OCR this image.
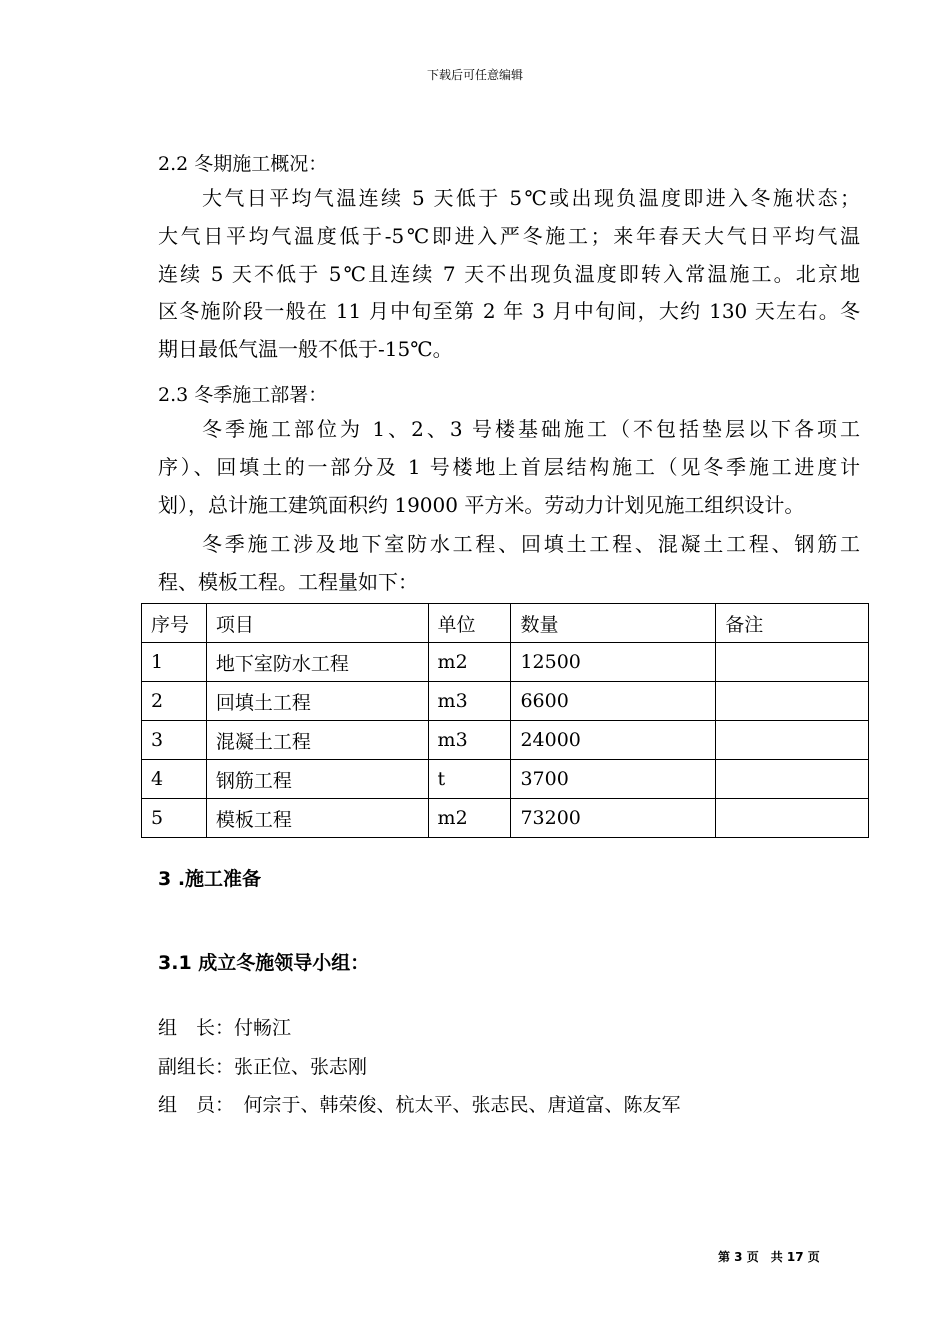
下载后可任意编辑
2.2 冬期施工概况：
大气日平均气温连续 5 天低于 5℃或出现负温度即进入冬施状态；
大气日平均气温度低于-5℃即进入严冬施工；来年春天大气日平均气温
连续 5 天不低于 5℃且连续 7 天不出现负温度即转入常温施工。北京地
区冬施阶段一般在 11 月中旬至第 2 年 3 月中旬间，大约 130 天左右。冬
期日最低气温一般不低于-15℃。
2.3 冬季施工部署：
冬季施工部位为 1、2、3 号楼基础施工（不包括垫层以下各项工
序）、回填土的一部分及 1 号楼地上首层结构施工（见冬季施工进度计
划），总计施工建筑面积约 19000 平方米。劳动力计划见施工组织设计。
冬季施工涉及地下室防水工程、回填土工程、混凝土工程、钢筋工
程、模板工程。工程量如下：
序号	项目	单位	数量	备注
1	地下室防水工程	m2	12500	
2	回填土工程	m3	6600	
3	混凝土工程	m3	24000	
4	钢筋工程	t	3700	
5	模板工程	m2	73200	
3 .施工准备
3.1 成立冬施领导小组：
组　长：付畅江
副组长：张正位、张志刚
组　员：　何宗于、韩荣俊、杭太平、张志民、唐道富、陈友军
第 3 页　共 17 页
